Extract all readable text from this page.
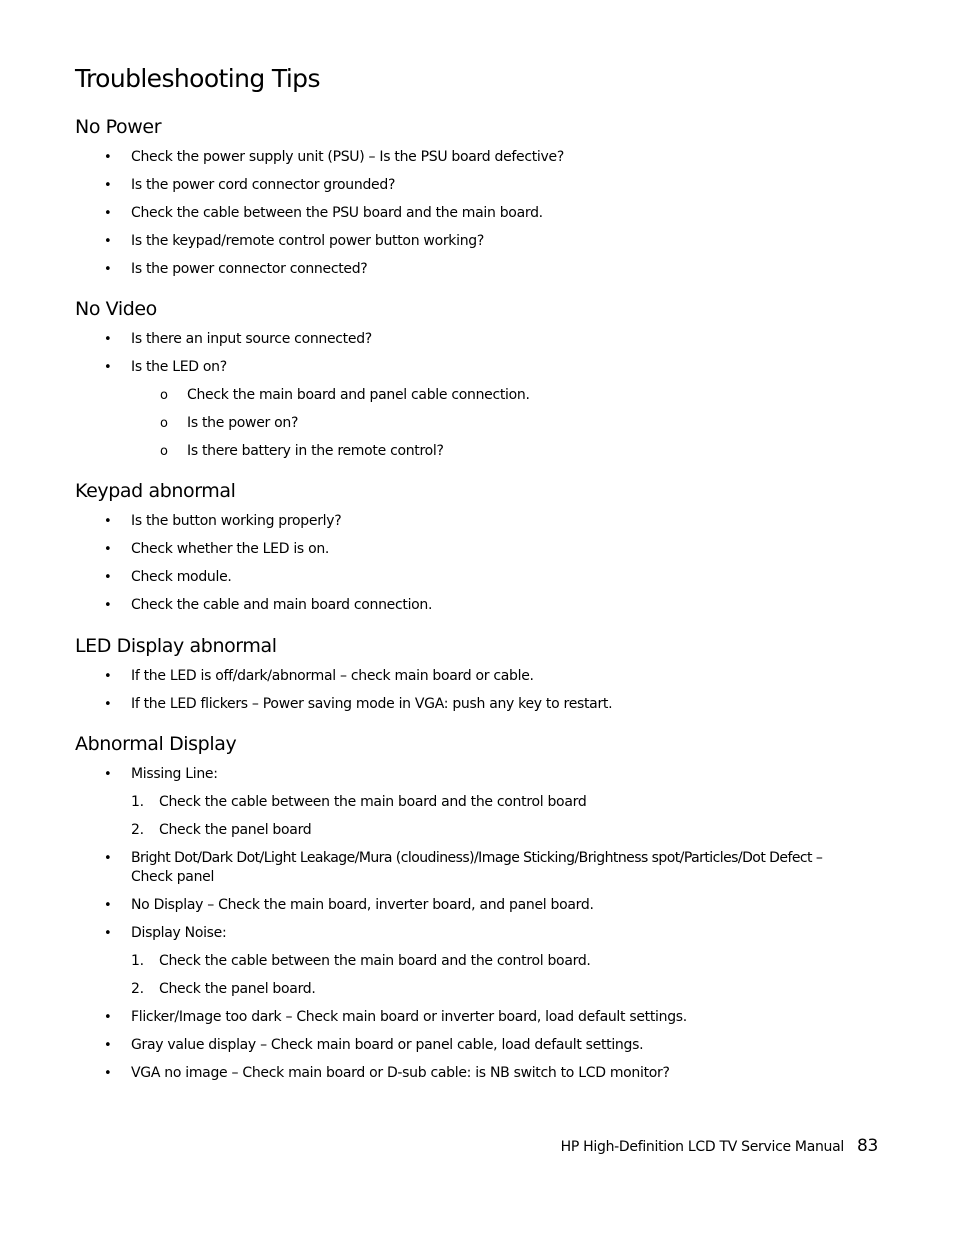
Troubleshooting Tips
No Power
• Check the power supply unit (PSU) – Is the PSU board defective?
• Is the power cord connector grounded?
• Check the cable between the PSU board and the main board.
• Is the keypad/remote control power button working?
• Is the power connector connected?
No Video
• Is there an input source connected?
• Is the LED on?
o Check the main board and panel cable connection.
o Is the power on?
o Is there battery in the remote control?
Keypad abnormal
• Is the button working properly?
• Check whether the LED is on.
• Check module.
• Check the cable and main board connection.
LED Display abnormal
• If the LED is off/dark/abnormal – check main board or cable.
• If the LED flickers – Power saving mode in VGA: push any key to restart.
Abnormal Display
• Missing Line:
1. Check the cable between the main board and the control board
2. Check the panel board
• Bright Dot/Dark Dot/Light Leakage/Mura (cloudiness)/Image Sticking/Brightness spot/Particles/Dot Defect –
Check panel
• No Display – Check the main board, inverter board, and panel board.
• Display Noise:
1. Check the cable between the main board and the control board.
2. Check the panel board.
• Flicker/Image too dark – Check main board or inverter board, load default settings.
• Gray value display – Check main board or panel cable, load default settings.
• VGA no image – Check main board or D-sub cable: is NB switch to LCD monitor?
HP High-Definition LCD TV Service Manual 83
